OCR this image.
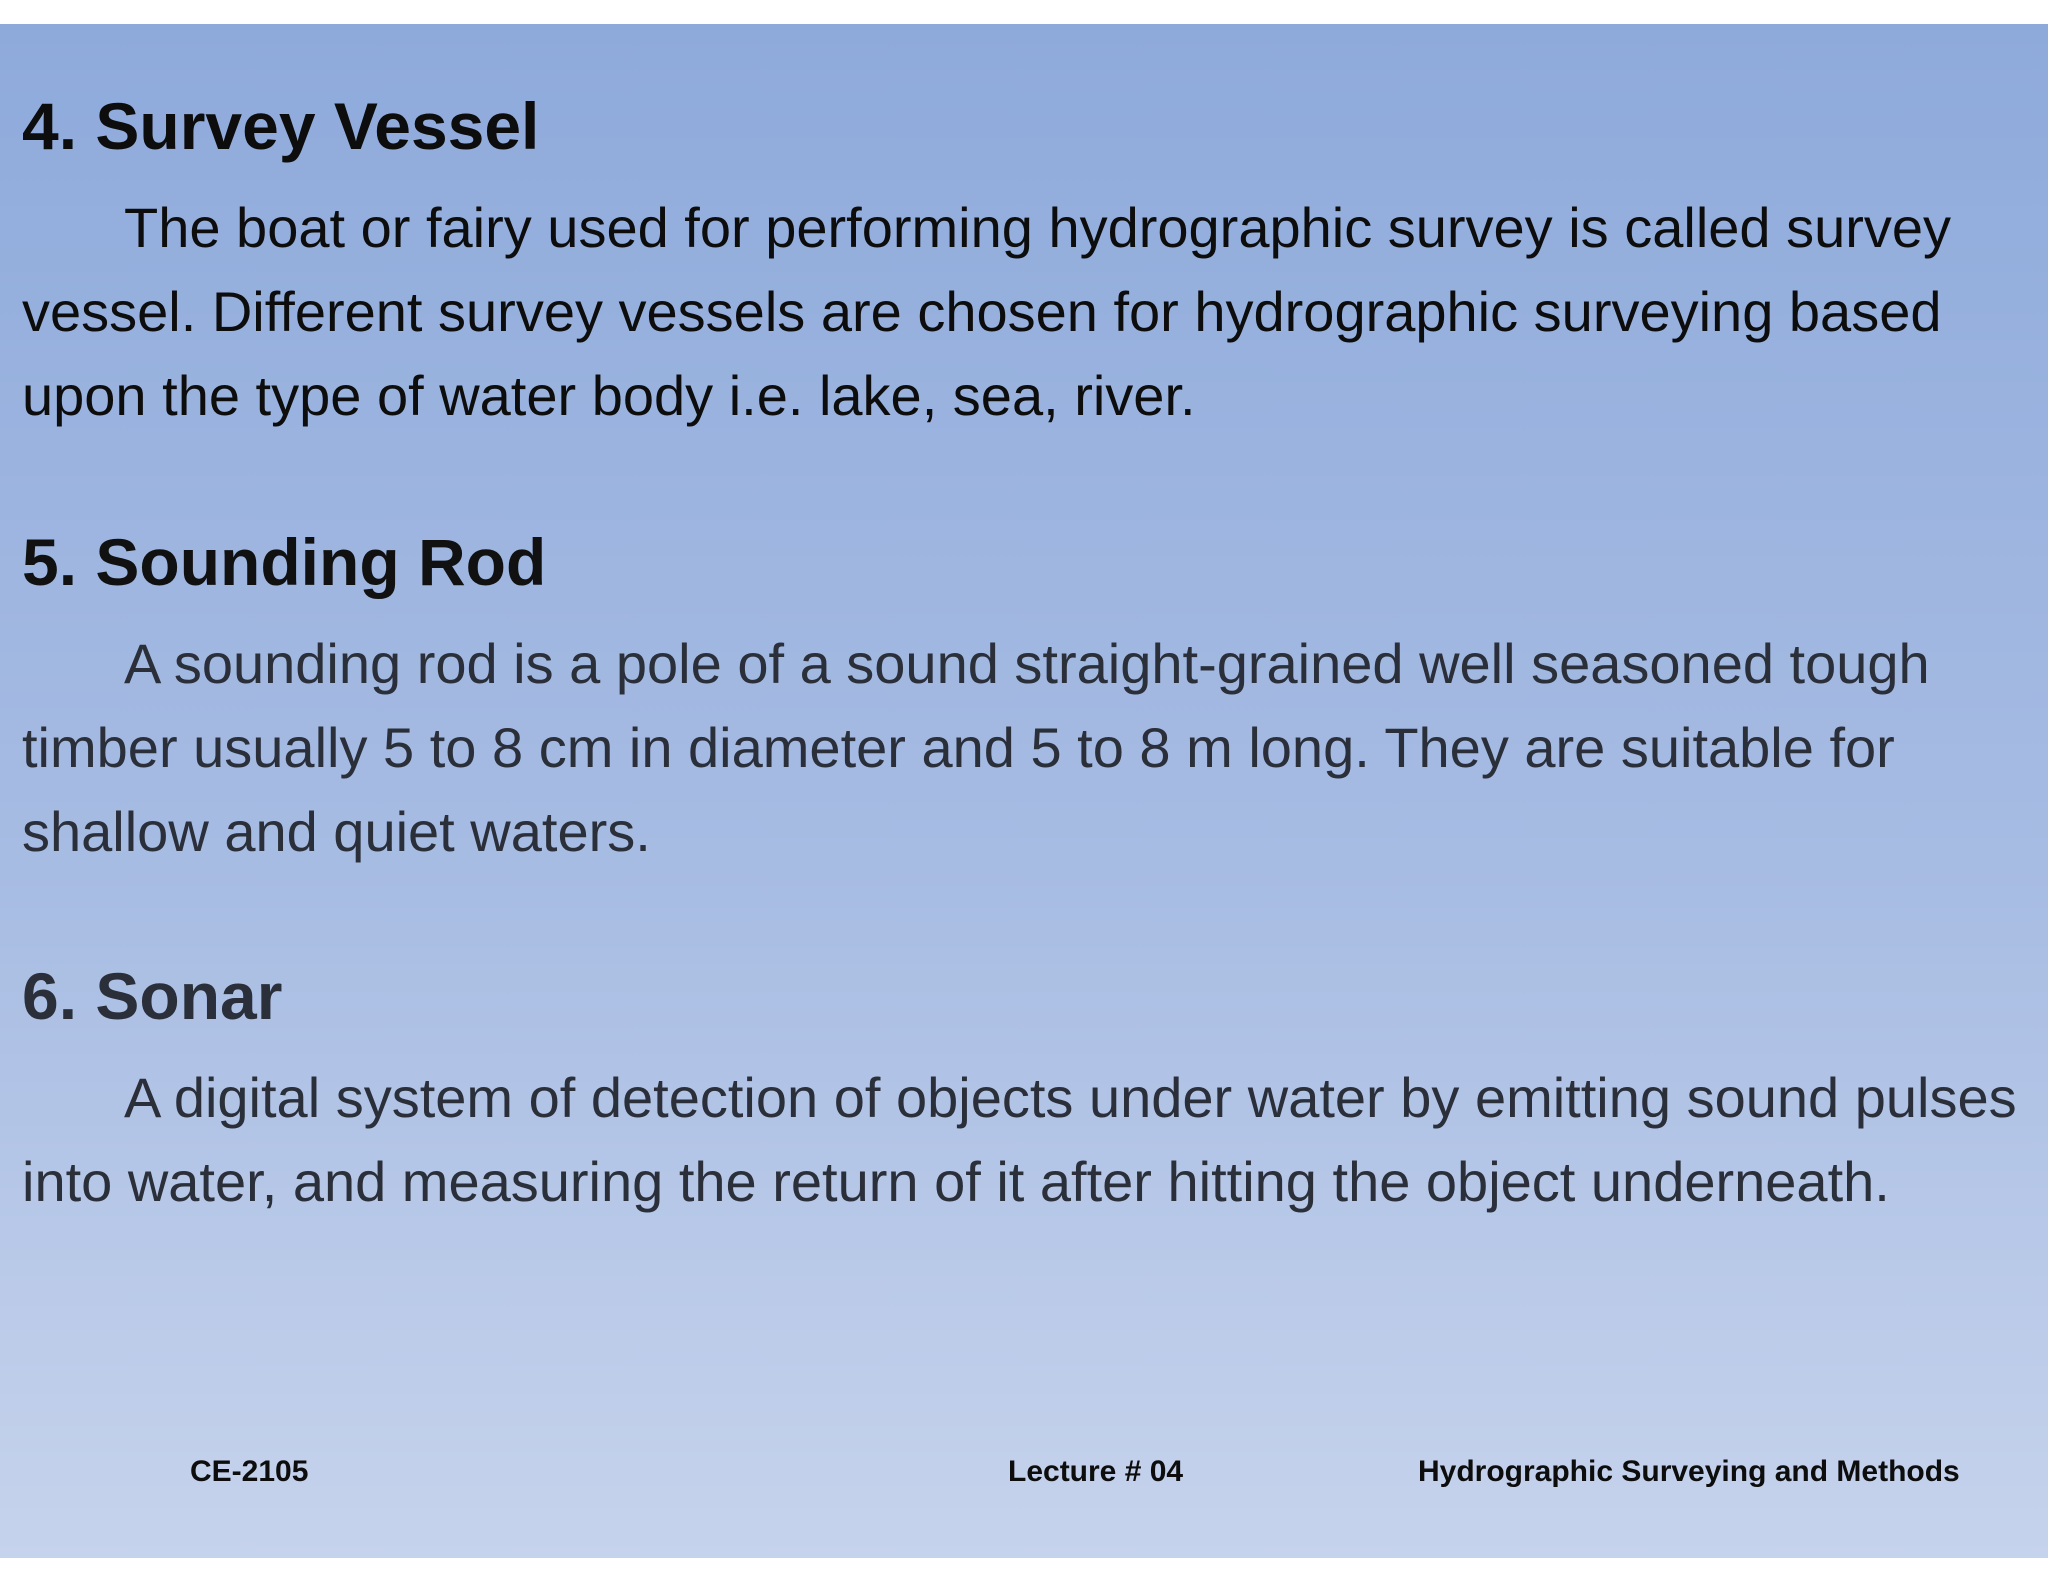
4. Survey Vessel

The boat or fairy used for performing hydrographic survey is called survey vessel. Different survey vessels are chosen for hydrographic surveying based upon the type of water body i.e. lake, sea, river.

5. Sounding Rod

A sounding rod is a pole of a sound straight-grained well seasoned tough timber usually 5 to 8 cm in diameter and 5 to 8 m long. They are suitable for shallow and quiet waters.

6. Sonar

A digital system of detection of objects under water by emitting sound pulses into water, and measuring the return of it after hitting the object underneath.

CE-2105	Lecture # 04	Hydrographic Surveying and Methods
